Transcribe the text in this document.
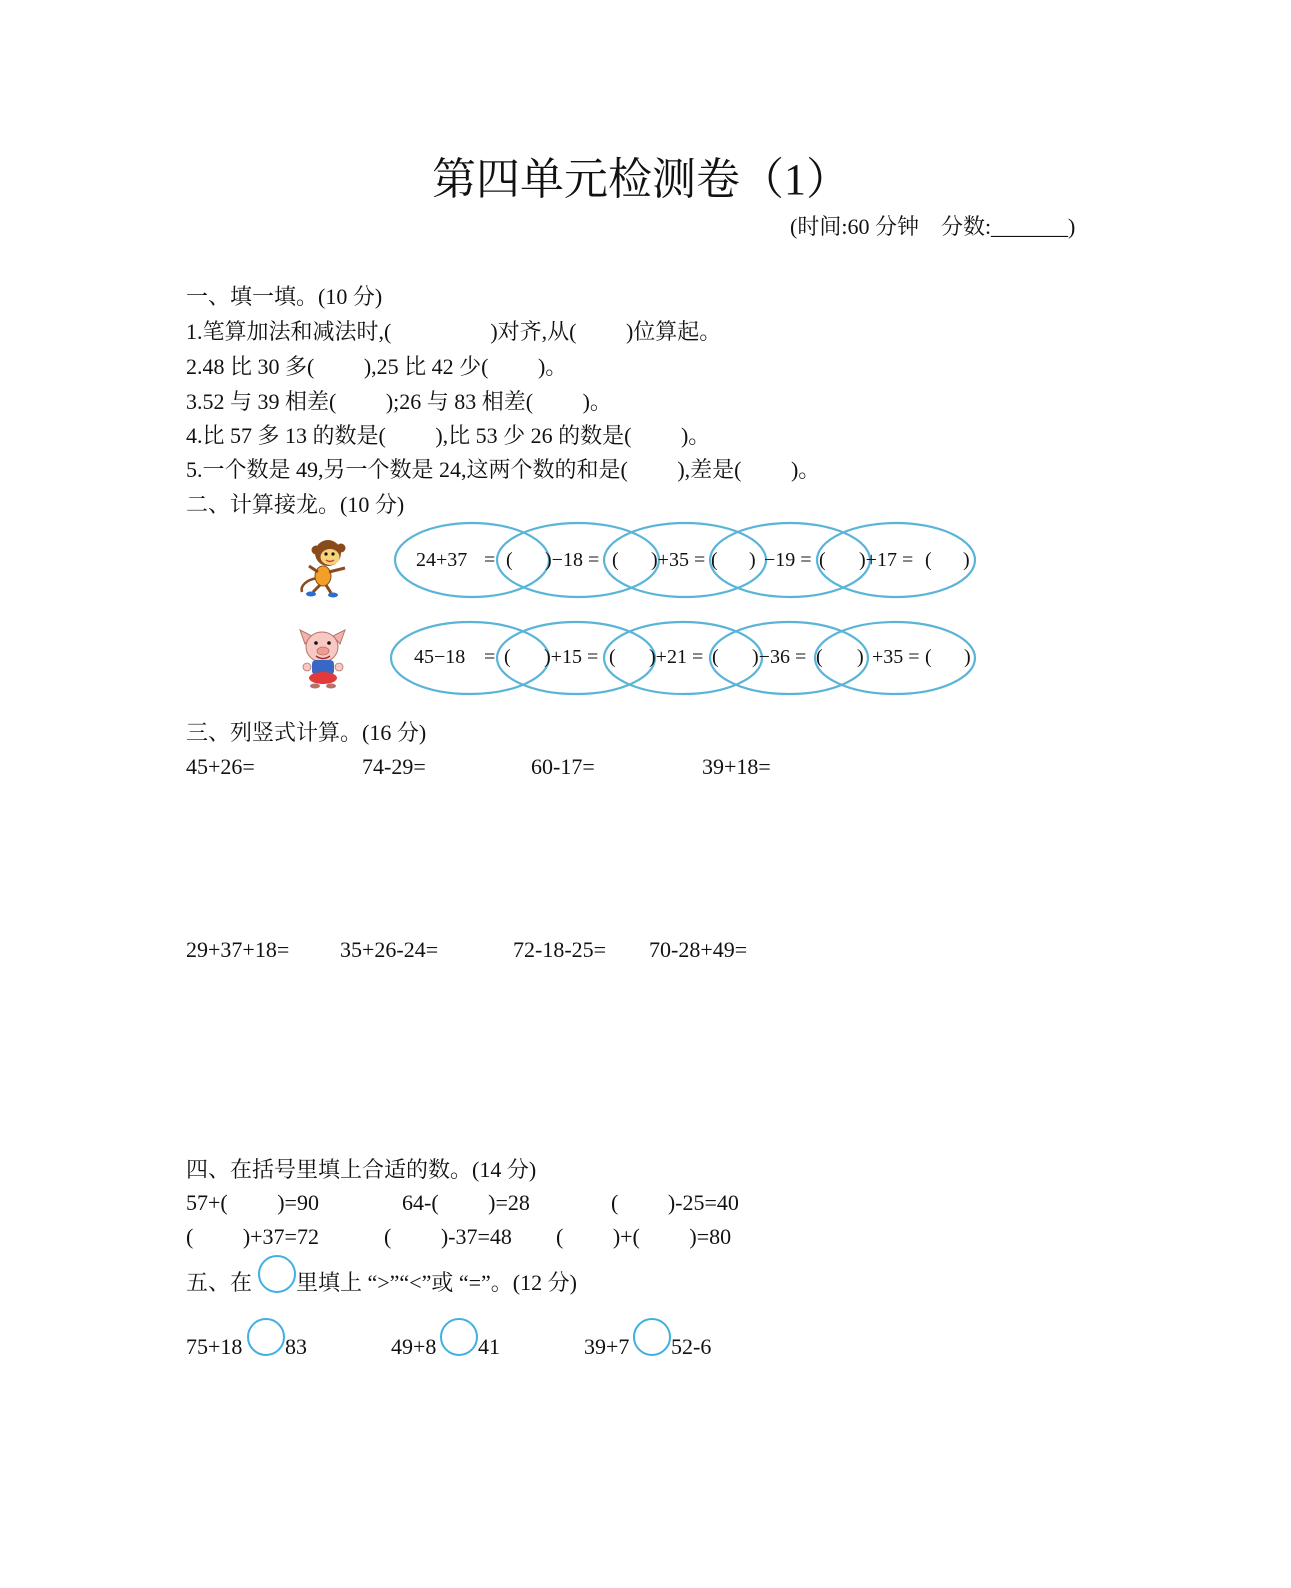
第四单元检测卷（1）
(时间:60 分钟    分数:_______)
一、填一填。(10 分)
1.笔算加法和减法时,(                  )对齐,从(         )位算起。
2.48 比 30 多(         ),25 比 42 少(         )。
3.52 与 39 相差(         );26 与 83 相差(         )。
4.比 57 多 13 的数是(         ),比 53 少 26 的数是(         )。
5.一个数是 49,另一个数是 24,这两个数的和是(         ),差是(         )。
二、计算接龙。(10 分)
24+37 = ( )−18 = ( )+35 = ( ) −19 = ( )+17 = ( )
45−18 = ( )+15 = ( )+21 = ( )−36 = ( ) +35 = ( )
三、列竖式计算。(16 分)
45+26=	74-29=	60-17=	39+18=
29+37+18= 35+26-24=	72-18-25= 70-28+49=
四、在括号里填上合适的数。(14 分)
57+(         )=90	64-(         )=28	(         )-25=40
(         )+37=72	(         )-37=48 (         )+(         )=80
五、在 里填上 “>”“<”或 “=”。(12 分)
75+18 83	49+8 41	39+7 52-6
